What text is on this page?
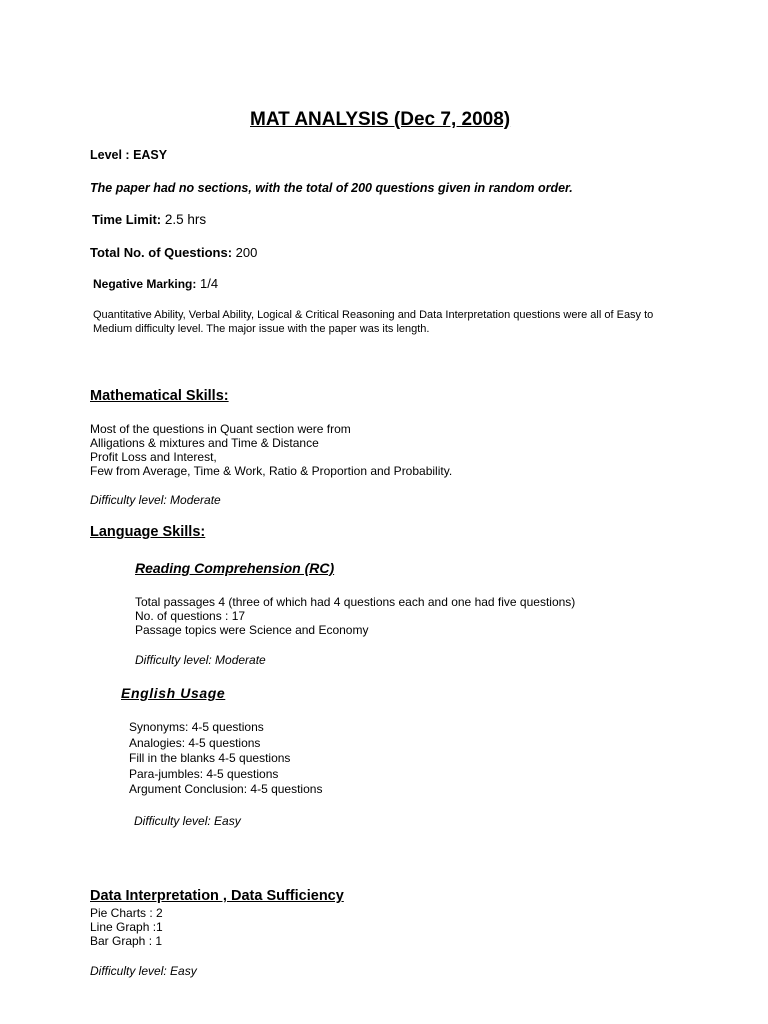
MAT ANALYSIS (Dec 7, 2008)
Level : EASY
The paper had no sections, with the total of 200 questions given in random order.
Time Limit: 2.5 hrs
Total No. of Questions: 200
Negative Marking: 1/4
Quantitative Ability, Verbal Ability, Logical & Critical Reasoning and Data Interpretation questions were all of Easy to Medium difficulty level. The major issue with the paper was its length.
Mathematical Skills:
Most of the questions in Quant section were from
Alligations & mixtures and Time & Distance
Profit Loss and Interest,
Few from Average, Time & Work, Ratio & Proportion and Probability.
Difficulty level: Moderate
Language Skills:
Reading Comprehension (RC)
Total passages 4 (three of which had 4 questions each and one had five questions)
No. of questions : 17
Passage topics were Science and Economy
Difficulty level: Moderate
English Usage
Synonyms: 4-5 questions
Analogies: 4-5 questions
Fill in the blanks 4-5 questions
Para-jumbles: 4-5 questions
Argument Conclusion: 4-5 questions
Difficulty level: Easy
Data Interpretation , Data Sufficiency
Pie Charts : 2
Line Graph :1
Bar Graph : 1
Difficulty level: Easy
